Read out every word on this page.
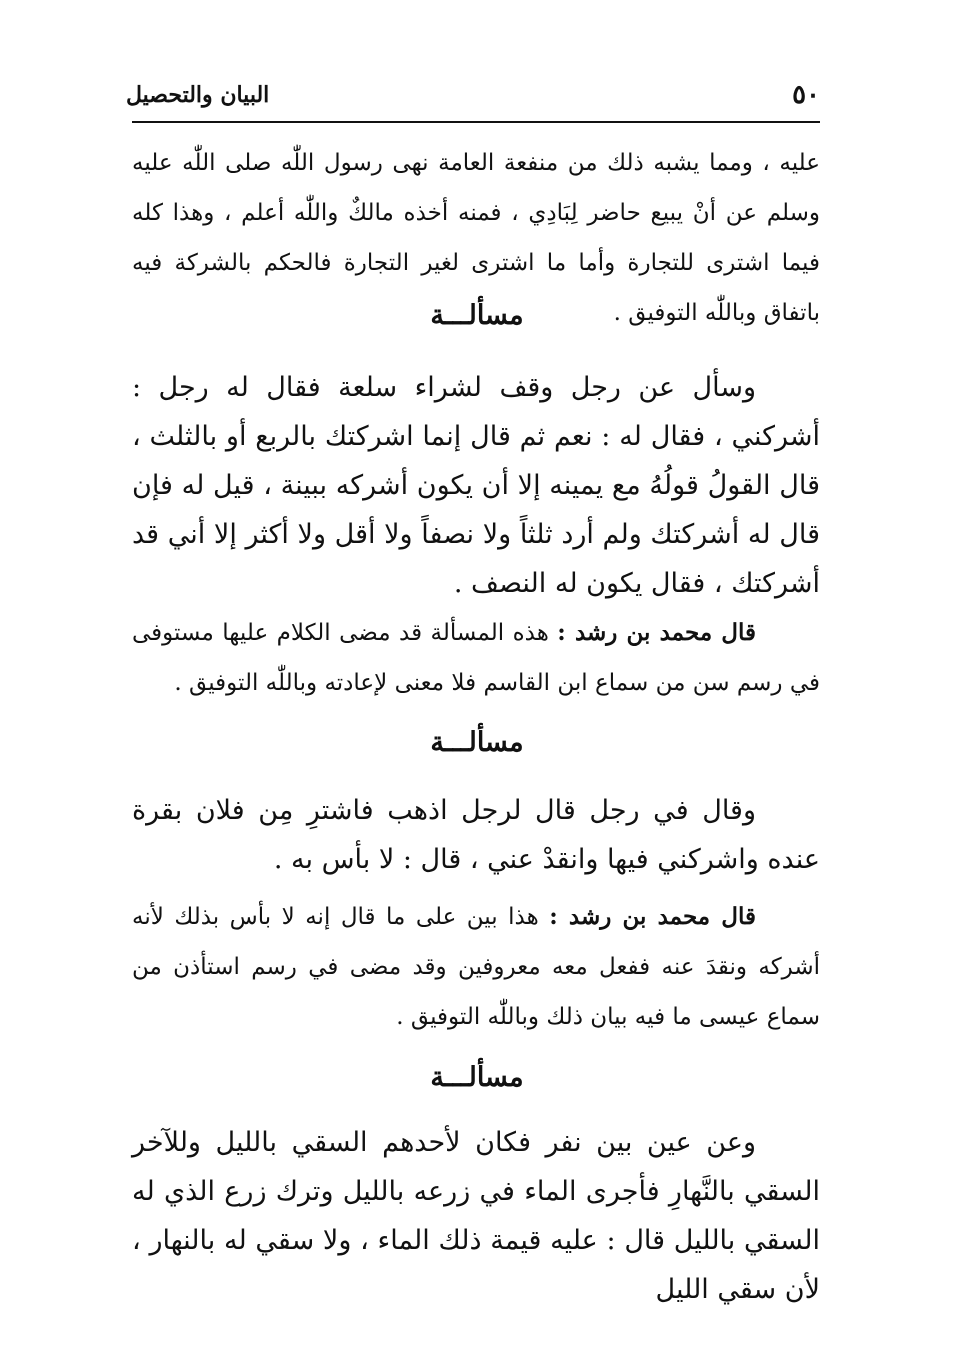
٥٠
البيان والتحصيل
عليه ، ومما يشبه ذلك من منفعة العامة نهى رسول اللّٰه صلى اللّٰه عليه وسلم عن أنْ يبيع حاضر لِبَادِي ، فمنه أخذه مالكٌ واللّٰه أعلم ، وهذا كله فيما اشترى للتجارة وأما ما اشترى لغير التجارة فالحكم بالشركة فيه باتفاق وباللّٰه التوفيق .
مسألـــة
وسأل عن رجل وقف لشراء سلعة فقال له رجل : أشركني ، فقال له : نعم ثم قال إنما اشركتك بالربع أو بالثلث ، قال القولُ قولُهُ مع يمينه إلا أن يكون أشركه ببينة ، قيل له فإن قال له أشركتك ولم أرد ثلثاً ولا نصفاً ولا أقل ولا أكثر إلا أني قد أشركتك ، فقال يكون له النصف .
قال محمد بن رشد : هذه المسألة قد مضى الكلام عليها مستوفى في رسم سن من سماع ابن القاسم فلا معنى لإعادته وباللّٰه التوفيق .
مسألـــة
وقال في رجل قال لرجل اذهب فاشترِ مِن فلان بقرة عنده واشركني فيها وانقدْ عني ، قال : لا بأس به .
قال محمد بن رشد : هذا بين على ما قال إنه لا بأس بذلك لأنه أشركه ونقدَ عنه ففعل معه معروفين وقد مضى في رسم استأذن من سماع عيسى ما فيه بيان ذلك وباللّٰه التوفيق .
مسألـــة
وعن عين بين نفر فكان لأحدهم السقي بالليل وللآخر السقي بالنَّهارِ فأجرى الماء في زرعه بالليل وترك زرع الذي له السقي بالليل قال : عليه قيمة ذلك الماء ، ولا سقي له بالنهار ، لأن سقي الليل
